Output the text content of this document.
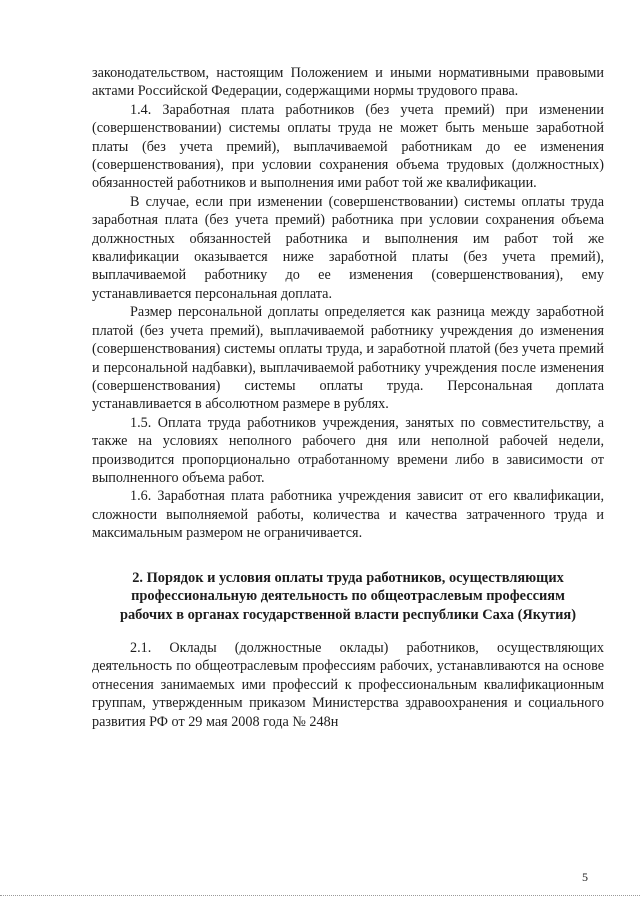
законодательством, настоящим Положением и иными нормативными правовыми актами Российской Федерации, содержащими нормы трудового права.

1.4. Заработная плата работников (без учета премий) при изменении (совершенствовании) системы оплаты труда не может быть меньше заработной платы (без учета премий), выплачиваемой работникам до ее изменения (совершенствования), при условии сохранения объема трудовых (должностных) обязанностей работников и выполнения ими работ той же квалификации.

В случае, если при изменении (совершенствовании) системы оплаты труда заработная плата (без учета премий) работника при условии сохранения объема должностных обязанностей работника и выполнения им работ той же квалификации оказывается ниже заработной платы (без учета премий), выплачиваемой работнику до ее изменения (совершенствования), ему устанавливается персональная доплата.

Размер персональной доплаты определяется как разница между заработной платой (без учета премий), выплачиваемой работнику учреждения до изменения (совершенствования) системы оплаты труда, и заработной платой (без учета премий и персональной надбавки), выплачиваемой работнику учреждения после изменения (совершенствования) системы оплаты труда. Персональная доплата устанавливается в абсолютном размере в рублях.

1.5. Оплата труда работников учреждения, занятых по совместительству, а также на условиях неполного рабочего дня или неполной рабочей недели, производится пропорционально отработанному времени либо в зависимости от выполненного объема работ.

1.6. Заработная плата работника учреждения зависит от его квалификации, сложности выполняемой работы, количества и качества затраченного труда и максимальным размером не ограничивается.

2. Порядок и условия оплаты труда работников, осуществляющих

профессиональную деятельность по общеотраслевым профессиям

рабочих в органах государственной власти республики Саха (Якутия)

2.1. Оклады (должностные оклады) работников, осуществляющих деятельность по общеотраслевым профессиям рабочих, устанавливаются на основе отнесения занимаемых ими профессий к профессиональным квалификационным группам, утвержденным приказом Министерства здравоохранения и социального развития РФ от 29 мая 2008 года № 248н

5
